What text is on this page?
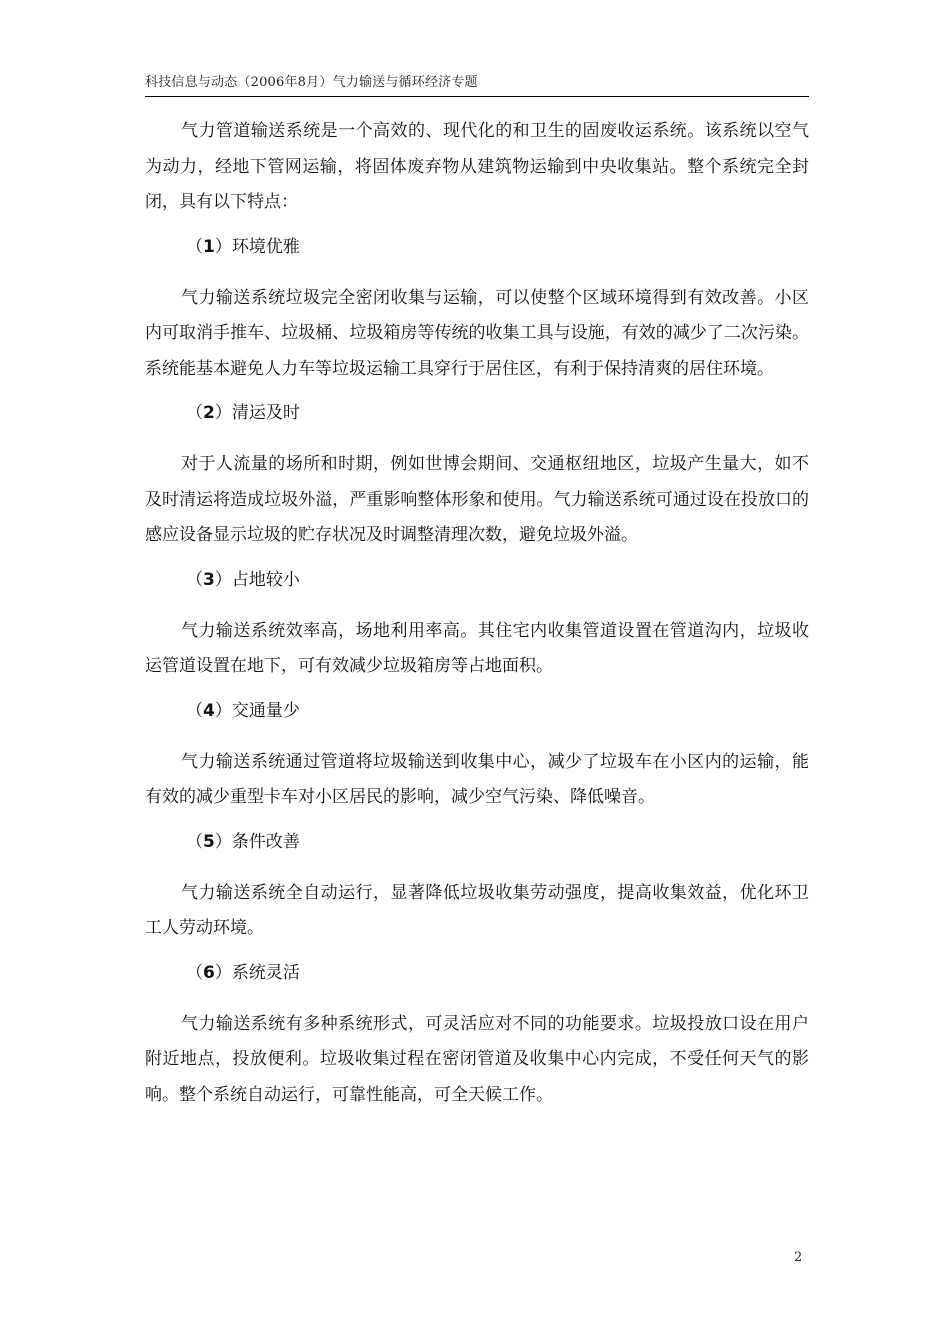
科技信息与动态（2006年8月）气力输送与循环经济专题

气力管道输送系统是一个高效的、现代化的和卫生的固废收运系统。该系统以空气为动力，经地下管网运输，将固体废弃物从建筑物运输到中央收集站。整个系统完全封闭，具有以下特点：

（1）环境优雅

气力输送系统垃圾完全密闭收集与运输，可以使整个区域环境得到有效改善。小区内可取消手推车、垃圾桶、垃圾箱房等传统的收集工具与设施，有效的减少了二次污染。系统能基本避免人力车等垃圾运输工具穿行于居住区，有利于保持清爽的居住环境。

（2）清运及时

对于人流量的场所和时期，例如世博会期间、交通枢纽地区，垃圾产生量大，如不及时清运将造成垃圾外溢，严重影响整体形象和使用。气力输送系统可通过设在投放口的感应设备显示垃圾的贮存状况及时调整清理次数，避免垃圾外溢。

（3）占地较小

气力输送系统效率高，场地利用率高。其住宅内收集管道设置在管道沟内，垃圾收运管道设置在地下，可有效减少垃圾箱房等占地面积。

（4）交通量少

气力输送系统通过管道将垃圾输送到收集中心，减少了垃圾车在小区内的运输，能有效的减少重型卡车对小区居民的影响，减少空气污染、降低噪音。

（5）条件改善

气力输送系统全自动运行，显著降低垃圾收集劳动强度，提高收集效益，优化环卫工人劳动环境。

（6）系统灵活

气力输送系统有多种系统形式，可灵活应对不同的功能要求。垃圾投放口设在用户附近地点，投放便利。垃圾收集过程在密闭管道及收集中心内完成，不受任何天气的影响。整个系统自动运行，可靠性能高，可全天候工作。

2
